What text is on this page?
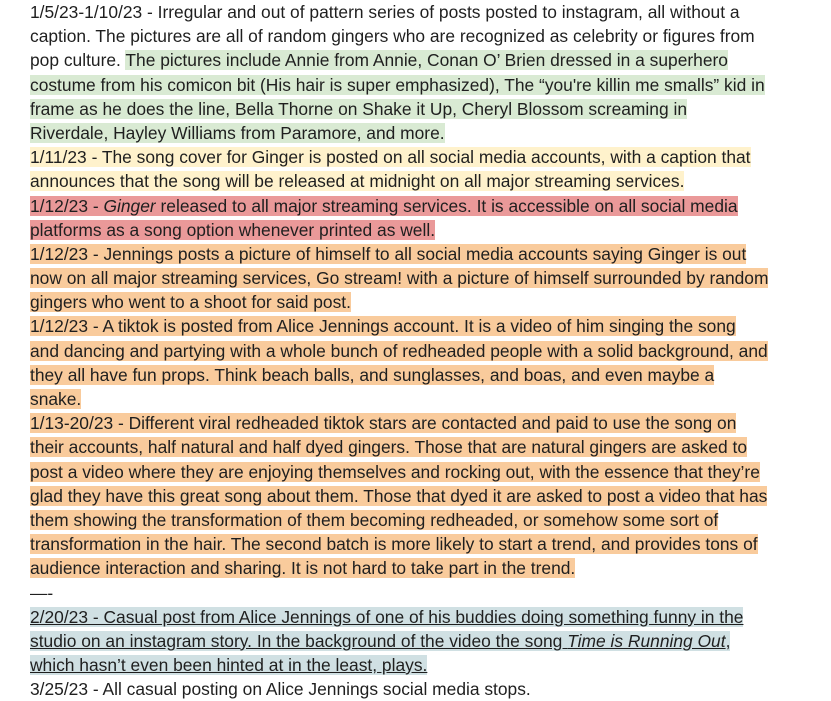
1/5/23-1/10/23 - Irregular and out of pattern series of posts posted to instagram, all without a
caption. The pictures are all of random gingers who are recognized as celebrity or figures from
pop culture. The pictures include Annie from Annie, Conan O’ Brien dressed in a superhero
costume from his comicon bit (His hair is super emphasized), The “you're killin me smalls” kid in
frame as he does the line, Bella Thorne on Shake it Up, Cheryl Blossom screaming in
Riverdale, Hayley Williams from Paramore, and more.
1/11/23 - The song cover for Ginger is posted on all social media accounts, with a caption that
announces that the song will be released at midnight on all major streaming services.
1/12/23 - Ginger released to all major streaming services. It is accessible on all social media
platforms as a song option whenever printed as well.
1/12/23 - Jennings posts a picture of himself to all social media accounts saying Ginger is out
now on all major streaming services, Go stream! with a picture of himself surrounded by random
gingers who went to a shoot for said post.
1/12/23 - A tiktok is posted from Alice Jennings account. It is a video of him singing the song
and dancing and partying with a whole bunch of redheaded people with a solid background, and
they all have fun props. Think beach balls, and sunglasses, and boas, and even maybe a
snake.
1/13-20/23 - Different viral redheaded tiktok stars are contacted and paid to use the song on
their accounts, half natural and half dyed gingers. Those that are natural gingers are asked to
post a video where they are enjoying themselves and rocking out, with the essence that they’re
glad they have this great song about them. Those that dyed it are asked to post a video that has
them showing the transformation of them becoming redheaded, or somehow some sort of
transformation in the hair. The second batch is more likely to start a trend, and provides tons of
audience interaction and sharing. It is not hard to take part in the trend.
—-
2/20/23 - Casual post from Alice Jennings of one of his buddies doing something funny in the
studio on an instagram story. In the background of the video the song Time is Running Out,
which hasn’t even been hinted at in the least, plays.
3/25/23 - All casual posting on Alice Jennings social media stops.
